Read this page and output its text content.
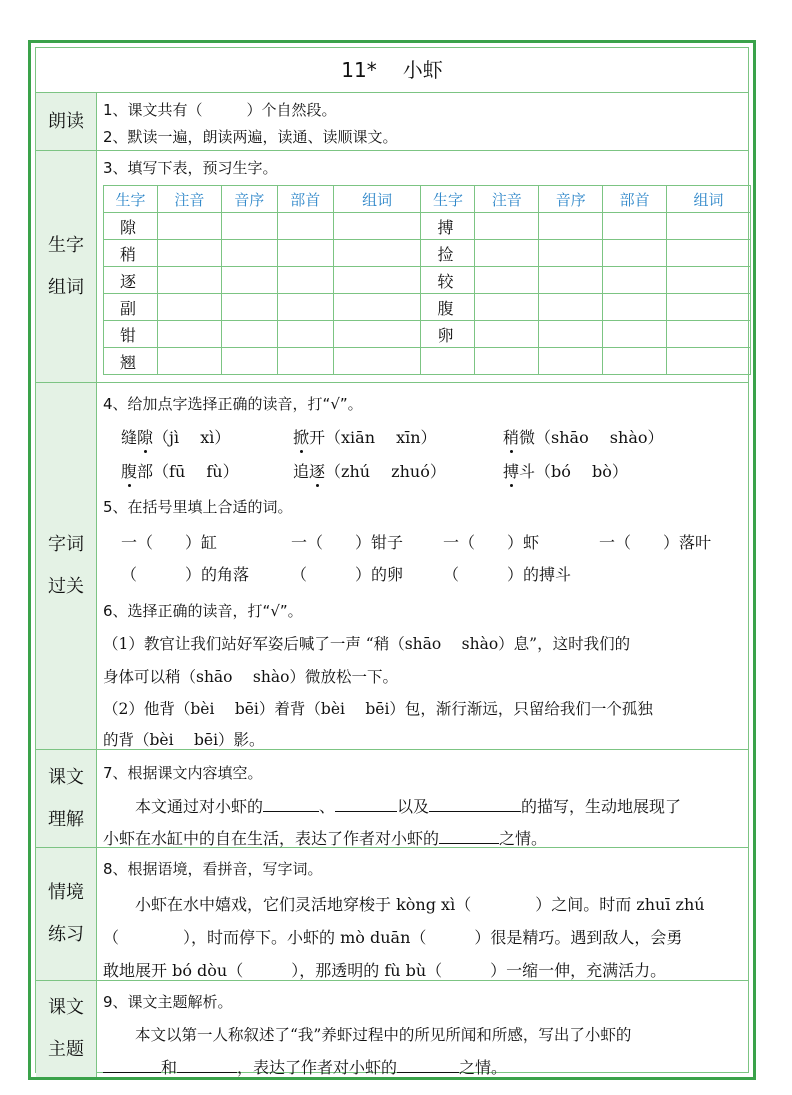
11* 小虾
朗读
1、课文共有（	）个自然段。
2、默读一遍，朗读两遍，读通、读顺课文。
生字
组词
3、填写下表，预习生字。
生字	注音	音序	部首	组词	生字	注音	音序	部首	组词
隙					搏				
稍					捡				
逐					较				
副					腹				
钳					卵				
翘									
字词
过关
4、给加点字选择正确的读音，打“√”。
缝隙（jì　 xì）	掀开（xiān　 xīn）	稍微（shāo　 shào）
腹部（fū　 fù）	追逐（zhú　 zhuó）	搏斗（bó　 bò）
5、在括号里填上合适的词。
一（　　）缸	一（　　）钳子 一（　　）虾	一（　　）落叶
（　　　）的角落	（　　　）的卵 （　　　）的搏斗
6、选择正确的读音，打“√”。
（1）教官让我们站好军姿后喊了一声 “稍（shāo　 shào）息”，这时我们的
身体可以稍（shāo　 shào）微放松一下。
（2）他背（bèi　 bēi）着背（bèi　 bēi）包，渐行渐远，只留给我们一个孤独
的背（bèi　 bēi）影。
课文
理解
7、根据课文内容填空。
本文通过对小虾的	、	以及	的描写，生动地展现了
小虾在水缸中的自在生活，表达了作者对小虾的	之情。
情境
练习
8、根据语境，看拼音，写字词。
小虾在水中嬉戏，它们灵活地穿梭于 kòng xì（　　　　）之间。时而 zhuī zhú
（　　　　），时而停下。小虾的 mò duān（　　　）很是精巧。遇到敌人，会勇
敢地展开 bó dòu（　　　），那透明的 fù bù（　　　）一缩一伸，充满活力。
课文
主题
9、课文主题解析。
本文以第一人称叙述了“我”养虾过程中的所见所闻和所感，写出了小虾的
和	，表达了作者对小虾的	之情。
